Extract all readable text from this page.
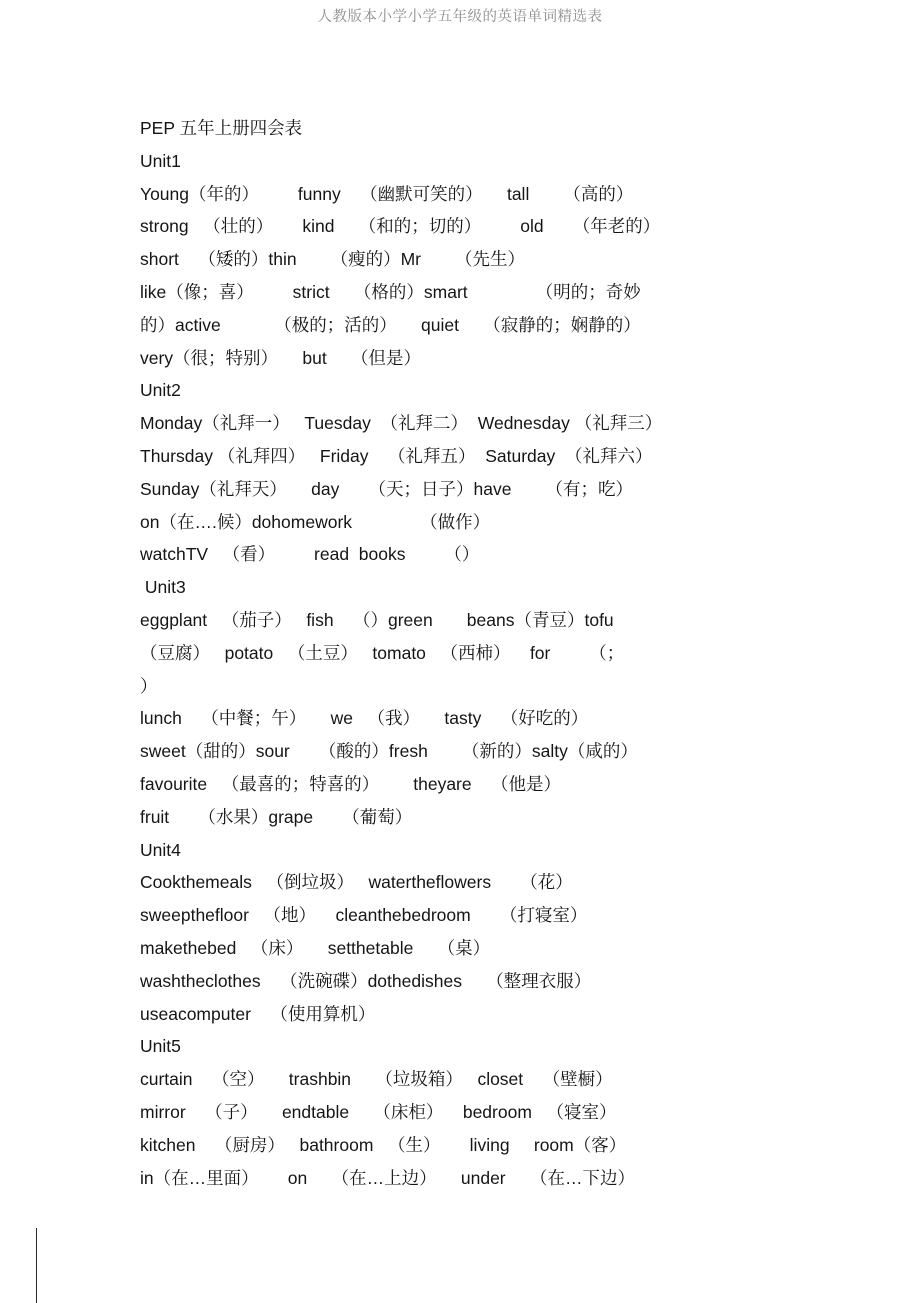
人教版本小学小学五年级的英语单词精选表
PEP 五年上册四会表
Unit1
Young（年的）        funny    （幽默可笑的）     tall       （高的）
strong   （壮的）      kind     （和的；切的）        old      （年老的）
short    （矮的）thin       （瘦的）Mr       （先生）
like（像；喜）        strict     （格的）smart              （明的；奇妙
的）active           （极的；活的）     quiet     （寂静的；娴静的）
very（很；特别）     but     （但是）
Unit2
Monday（礼拜一）   Tuesday  （礼拜二）  Wednesday （礼拜三）
Thursday （礼拜四）   Friday    （礼拜五）  Saturday  （礼拜六）
Sunday（礼拜天）     day      （天；日子）have       （有；吃）
on（在….候）dohomework              （做作）
watchTV   （看）        read  books        （）
Unit3
eggplant   （茄子）   fish    （）green       beans（青豆）tofu
（豆腐）   potato   （土豆）   tomato   （西柿）    for        （；
）
lunch    （中餐；午）     we   （我）     tasty    （好吃的）
sweet（甜的）sour      （酸的）fresh       （新的）salty（咸的）
favourite   （最喜的；特喜的）       theyare    （他是）
fruit      （水果）grape      （葡萄）
Unit4
Cookthemeals   （倒垃圾）   watertheflowers      （花）
sweepthefloor   （地）    cleanthebedroom      （打寝室）
makethebed   （床）     setthetable     （桌）
washtheclothes    （洗碗碟）dothedishes     （整理衣服）
useacomputer    （使用算机）
Unit5
curtain    （空）     trashbin     （垃圾箱）   closet    （壁橱）
mirror    （子）     endtable     （床柜）    bedroom   （寝室）
kitchen    （厨房）   bathroom   （生）      living     room（客）
in（在…里面）      on     （在…上边）     under     （在…下边）
